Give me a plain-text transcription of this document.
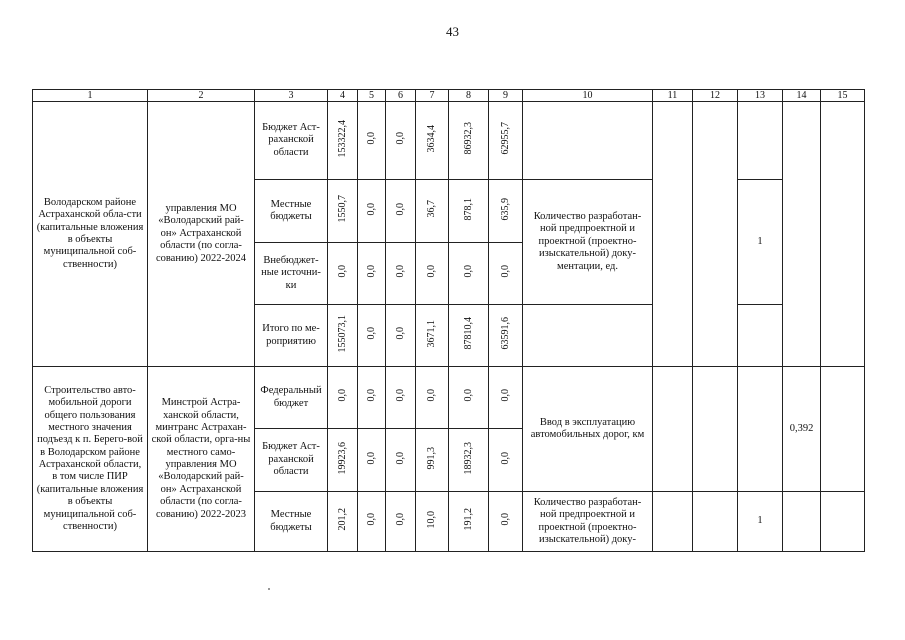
43
1	2	3	4	5	6	7	8	9	10	11	12	13	14	15
Володарском районе Астраханской обла-сти (капитальные вложения в объекты муниципальной соб-ственности)	управления МО «Володарский рай-он» Астраханской области (по согла-сованию) 2022-2024	Бюджет Аст-раханской области	153322,4	0,0	0,0	3634,4	86932,3	62955,7						
		Местные бюджеты	1550,7	0,0	0,0	36,7	878,1	635,9	Количество разработан-ной предпроектной и проектной (проектно-изыскательной) доку-ментации, ед.			1		
		Внебюджет-ные источни-ки	0,0	0,0	0,0	0,0	0,0	0,0						
		Итого по ме-роприятию	155073,1	0,0	0,0	3671,1	87810,4	63591,6						
Строительство авто-мобильной дороги общего пользования местного значения подъезд к п. Берего-вой в Володарском районе Астраханской области, в том числе ПИР (капитальные вложения в объекты муниципальной соб-ственности)	Минстрой Астра-ханской области, минтранс Астрахан-ской области, орга-ны местного само-управления МО «Володарский рай-он» Астраханской области (по согла-сованию) 2022-2023	Федеральный бюджет	0,0	0,0	0,0	0,0	0,0	0,0	Ввод в эксплуатацию автомобильных дорог, км				0,392	
		Бюджет Аст-раханской области	19923,6	0,0	0,0	991,3	18932,3	0,0						
		Местные бюджеты	201,2	0,0	0,0	10,0	191,2	0,0	Количество разработан-ной предпроектной и проектной (проектно-изыскательной) доку-			1		
